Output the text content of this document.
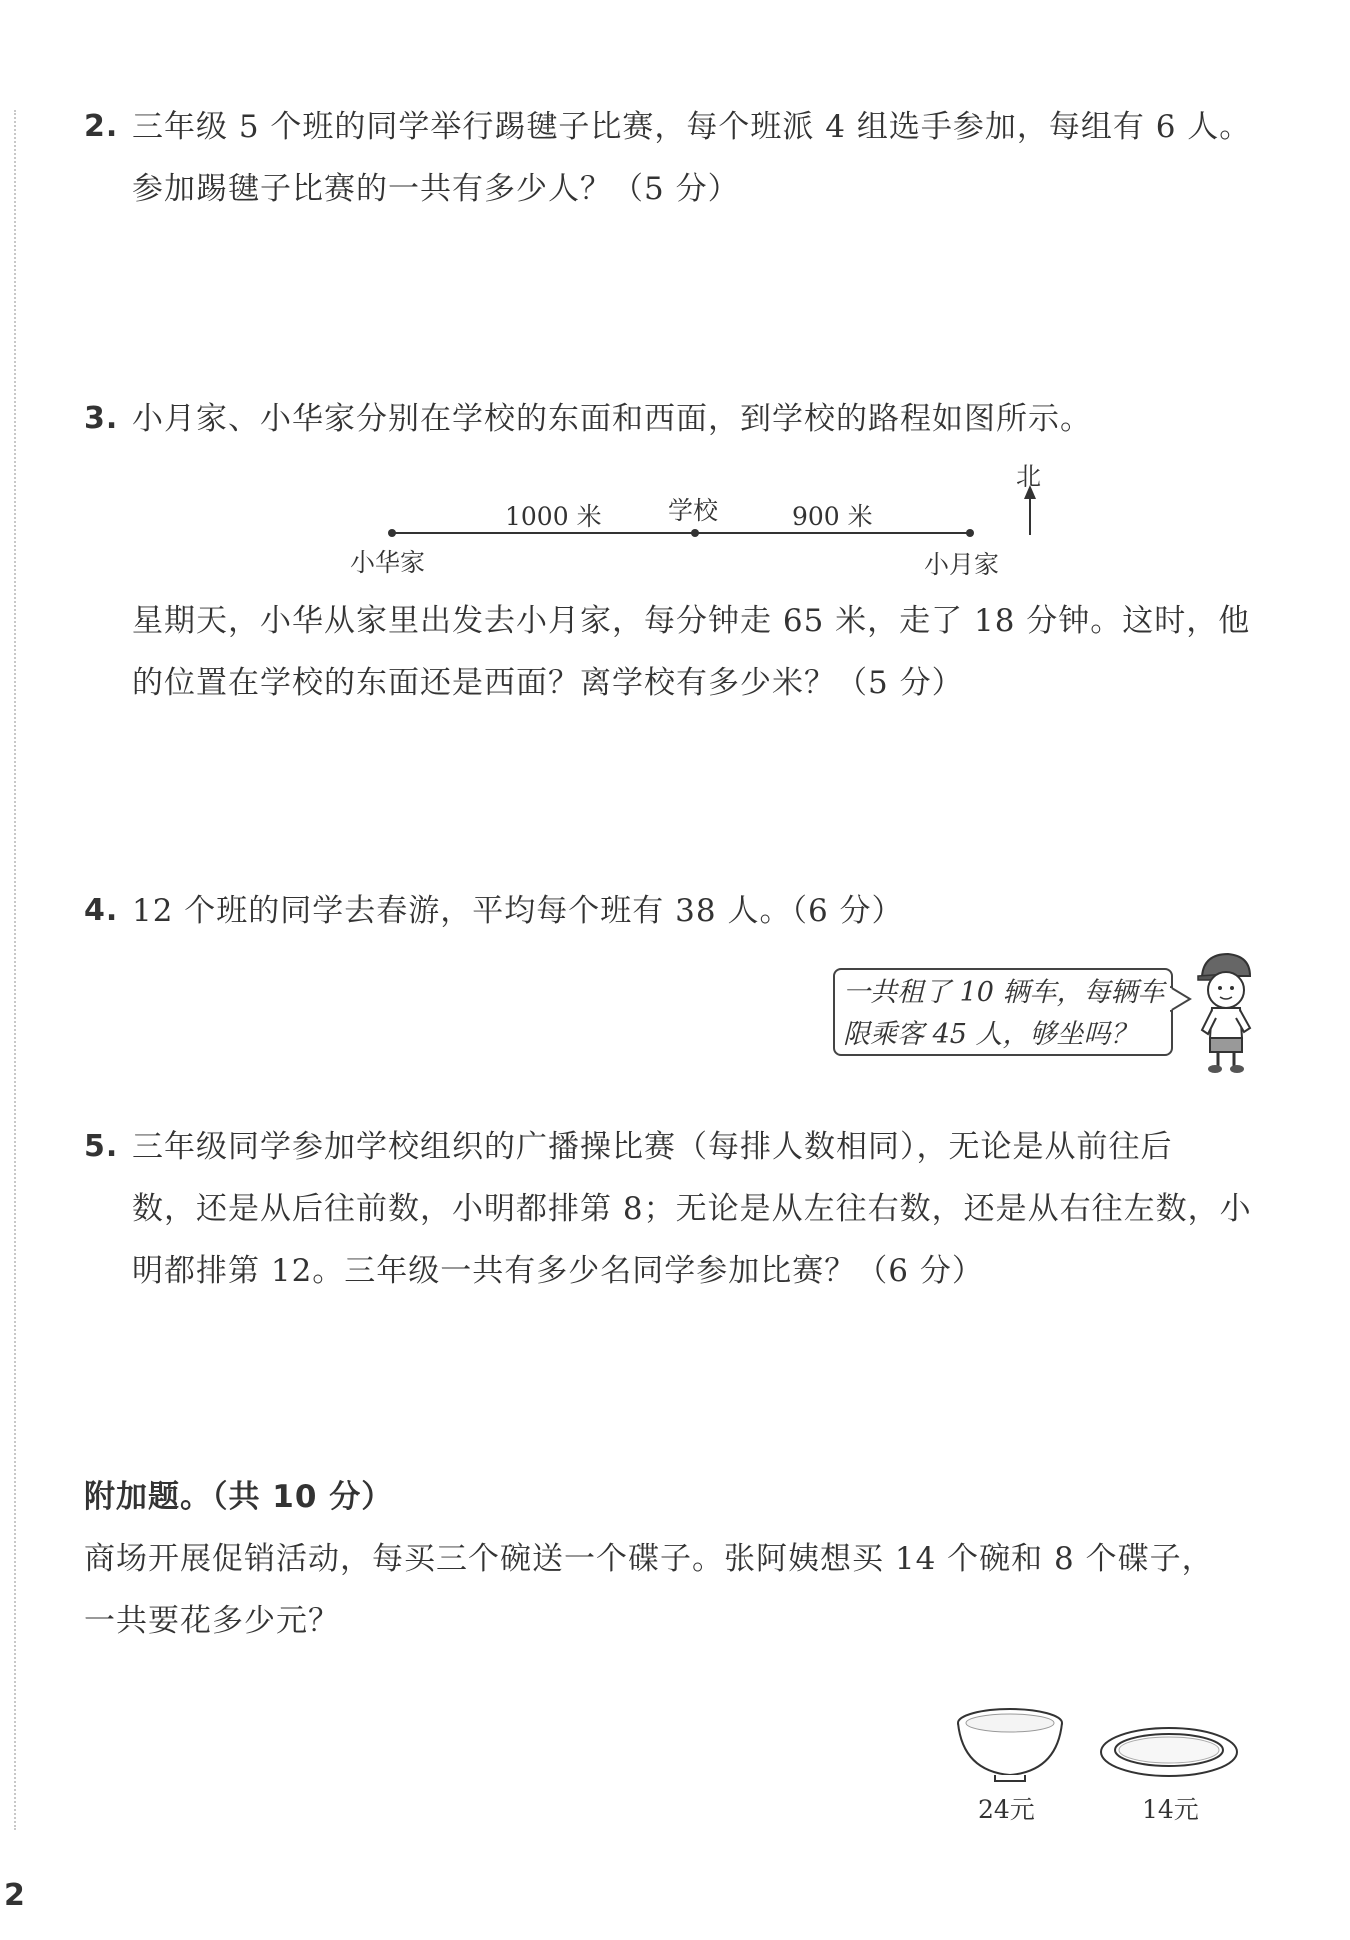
2. 三年级 5 个班的同学举行踢毽子比赛，每个班派 4 组选手参加，每组有 6 人。
参加踢毽子比赛的一共有多少人？（5 分）
3. 小月家、小华家分别在学校的东面和西面，到学校的路程如图所示。
1000 米	学校	900 米
小华家	小月家
北
星期天，小华从家里出发去小月家，每分钟走 65 米，走了 18 分钟。这时，他
的位置在学校的东面还是西面？离学校有多少米？（5 分）
4. 12 个班的同学去春游，平均每个班有 38 人。（6 分）
一共租了 10 辆车，每辆车
限乘客 45 人，够坐吗？
5. 三年级同学参加学校组织的广播操比赛（每排人数相同），无论是从前往后
数，还是从后往前数，小明都排第 8；无论是从左往右数，还是从右往左数，小
明都排第 12。三年级一共有多少名同学参加比赛？（6 分）
附加题。（共 10 分）
商场开展促销活动，每买三个碗送一个碟子。张阿姨想买 14 个碗和 8 个碟子，
一共要花多少元？
24元	14元
2
